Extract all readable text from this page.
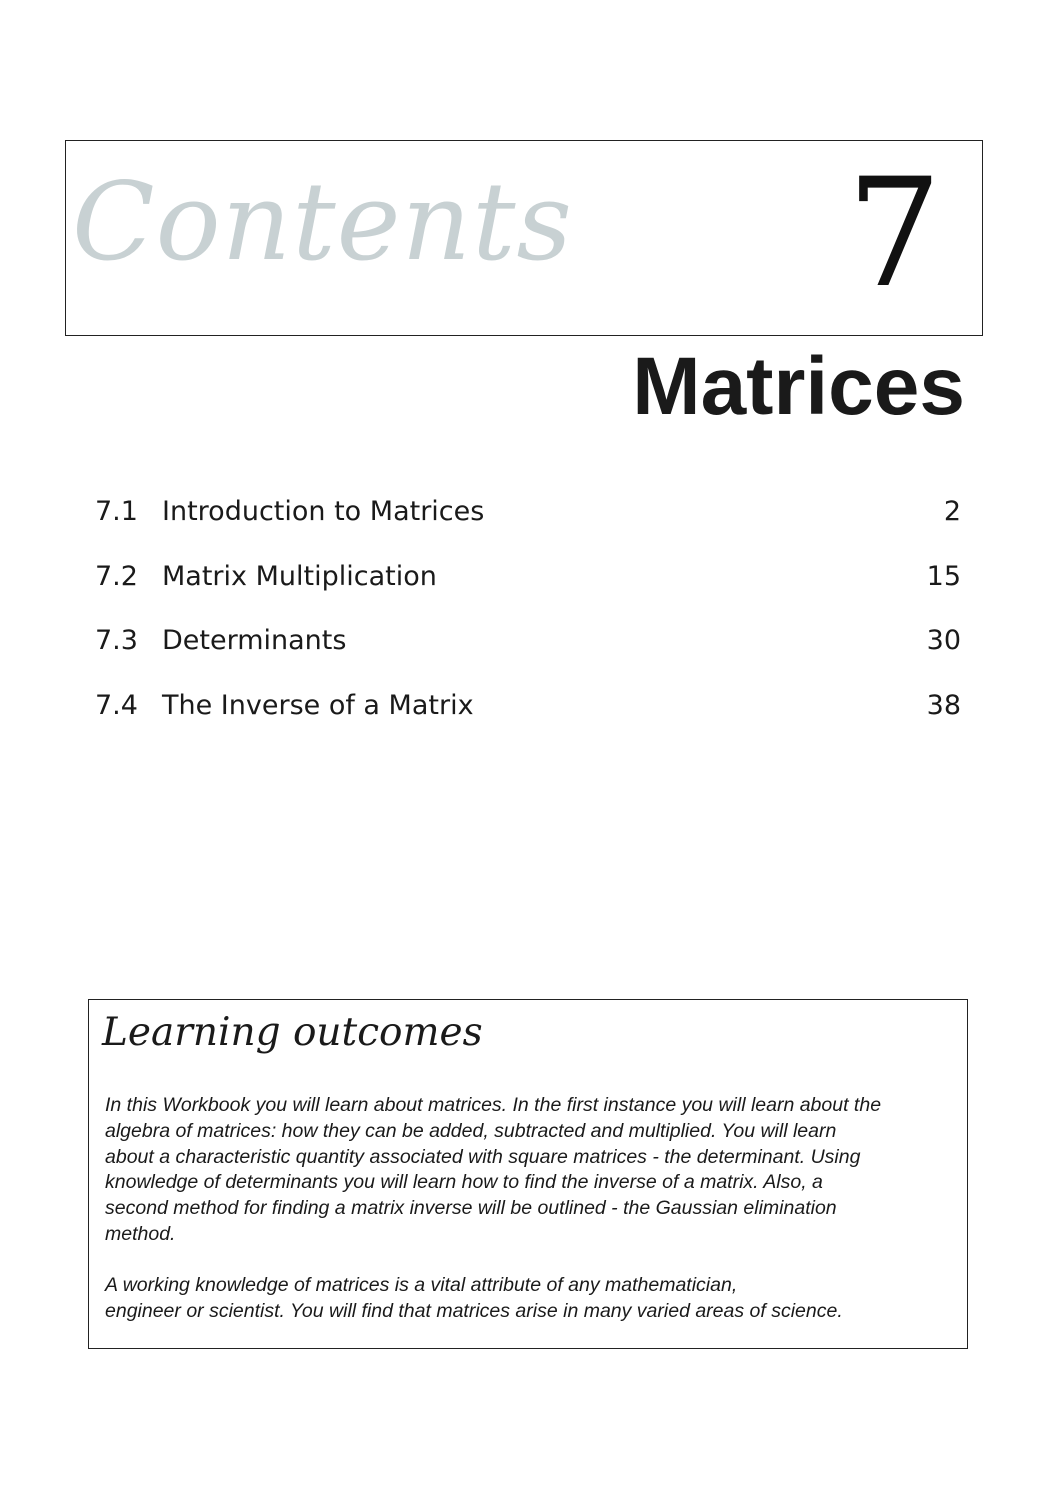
Contents 7
Matrices
7.1 Introduction to Matrices	2
7.2 Matrix Multiplication	15
7.3 Determinants	30
7.4 The Inverse of a Matrix	38
Learning outcomes

In this Workbook you will learn about matrices. In the first instance you will learn about the
algebra of matrices: how they can be added, subtracted and multiplied. You will learn
about a characteristic quantity associated with square matrices - the determinant. Using
knowledge of determinants you will learn how to find the inverse of a matrix. Also, a
second method for finding a matrix inverse will be outlined - the Gaussian elimination
method.

A working knowledge of matrices is a vital attribute of any mathematician,
engineer or scientist. You will find that matrices arise in many varied areas of science.
